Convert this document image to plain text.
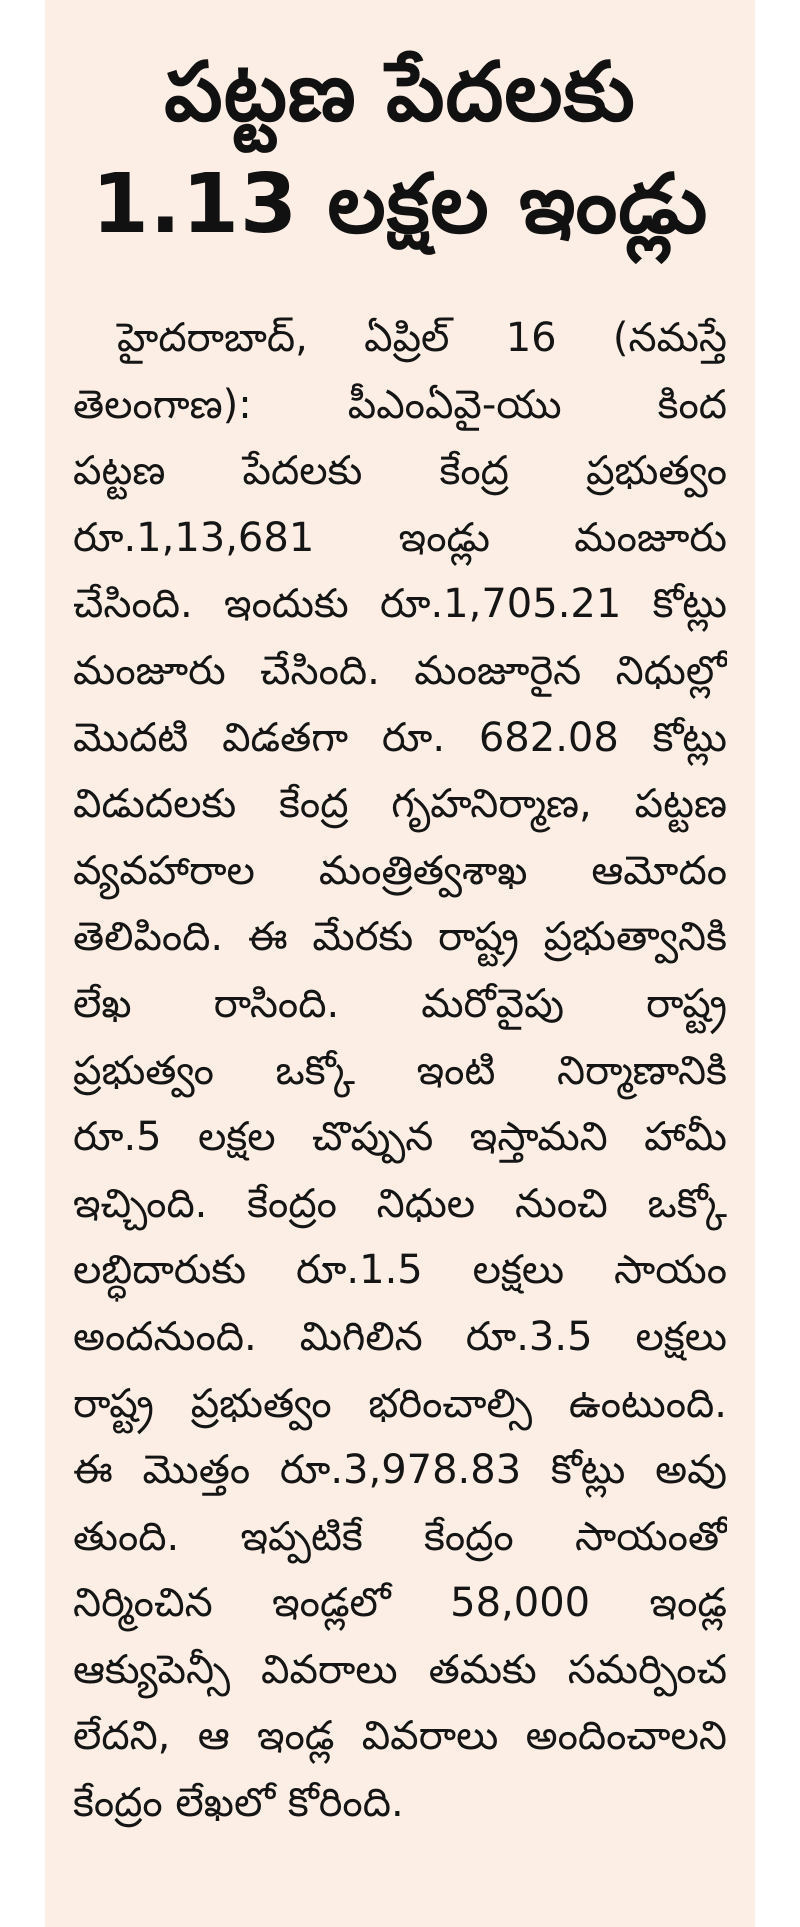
పట్టణ పేదలకు
1.13 లక్షల ఇండ్లు
హైదరాబాద్, ఏప్రిల్ 16 (నమస్తే
తెలంగాణ): పీఎంఏవై-యు కింద
పట్టణ పేదలకు కేంద్ర ప్రభుత్వం
రూ.1,13,681 ఇండ్లు మంజూరు
చేసింది. ఇందుకు రూ.1,705.21 కోట్లు
మంజూరు చేసింది. మంజూరైన నిధుల్లో
మొదటి విడతగా రూ. 682.08 కోట్లు
విడుదలకు కేంద్ర గృహనిర్మాణ, పట్టణ
వ్యవహారాల మంత్రిత్వశాఖ ఆమోదం
తెలిపింది. ఈ మేరకు రాష్ట్ర ప్రభుత్వానికి
లేఖ రాసింది. మరోవైపు రాష్ట్ర
ప్రభుత్వం ఒక్కో ఇంటి నిర్మాణానికి
రూ.5 లక్షల చొప్పున ఇస్తామని హామీ
ఇచ్చింది. కేంద్రం నిధుల నుంచి ఒక్కో
లబ్ధిదారుకు రూ.1.5 లక్షలు సాయం
అందనుంది. మిగిలిన రూ.3.5 లక్షలు
రాష్ట్ర ప్రభుత్వం భరించాల్సి ఉంటుంది.
ఈ మొత్తం రూ.3,978.83 కోట్లు అవు
తుంది. ఇప్పటికే కేంద్రం సాయంతో
నిర్మించిన ఇండ్లలో 58,000 ఇండ్ల
ఆక్యుపెన్సీ వివరాలు తమకు సమర్పించ
లేదని, ఆ ఇండ్ల వివరాలు అందించాలని
కేంద్రం లేఖలో కోరింది.
